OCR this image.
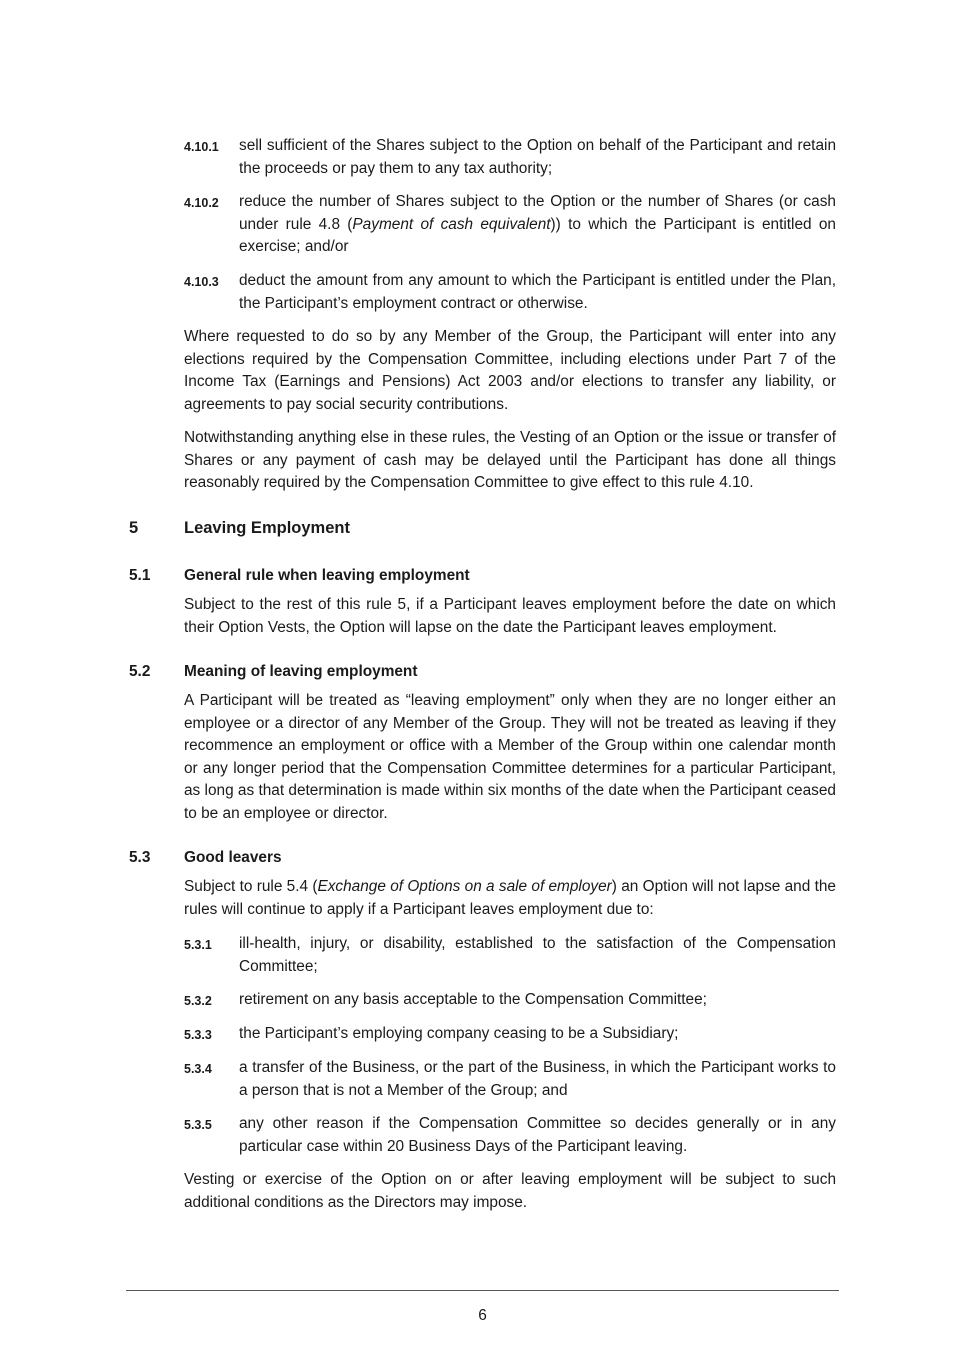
4.10.1 sell sufficient of the Shares subject to the Option on behalf of the Participant and retain the proceeds or pay them to any tax authority;
4.10.2 reduce the number of Shares subject to the Option or the number of Shares (or cash under rule 4.8 (Payment of cash equivalent)) to which the Participant is entitled on exercise; and/or
4.10.3 deduct the amount from any amount to which the Participant is entitled under the Plan, the Participant’s employment contract or otherwise.
Where requested to do so by any Member of the Group, the Participant will enter into any elections required by the Compensation Committee, including elections under Part 7 of the Income Tax (Earnings and Pensions) Act 2003 and/or elections to transfer any liability, or agreements to pay social security contributions.
Notwithstanding anything else in these rules, the Vesting of an Option or the issue or transfer of Shares or any payment of cash may be delayed until the Participant has done all things reasonably required by the Compensation Committee to give effect to this rule 4.10.
5	Leaving Employment
5.1 General rule when leaving employment
Subject to the rest of this rule 5, if a Participant leaves employment before the date on which their Option Vests, the Option will lapse on the date the Participant leaves employment.
5.2 Meaning of leaving employment
A Participant will be treated as “leaving employment” only when they are no longer either an employee or a director of any Member of the Group. They will not be treated as leaving if they recommence an employment or office with a Member of the Group within one calendar month or any longer period that the Compensation Committee determines for a particular Participant, as long as that determination is made within six months of the date when the Participant ceased to be an employee or director.
5.3 Good leavers
Subject to rule 5.4 (Exchange of Options on a sale of employer) an Option will not lapse and the rules will continue to apply if a Participant leaves employment due to:
5.3.1 ill-health, injury, or disability, established to the satisfaction of the Compensation Committee;
5.3.2 retirement on any basis acceptable to the Compensation Committee;
5.3.3 the Participant’s employing company ceasing to be a Subsidiary;
5.3.4 a transfer of the Business, or the part of the Business, in which the Participant works to a person that is not a Member of the Group; and
5.3.5 any other reason if the Compensation Committee so decides generally or in any particular case within 20 Business Days of the Participant leaving.
Vesting or exercise of the Option on or after leaving employment will be subject to such additional conditions as the Directors may impose.
6
